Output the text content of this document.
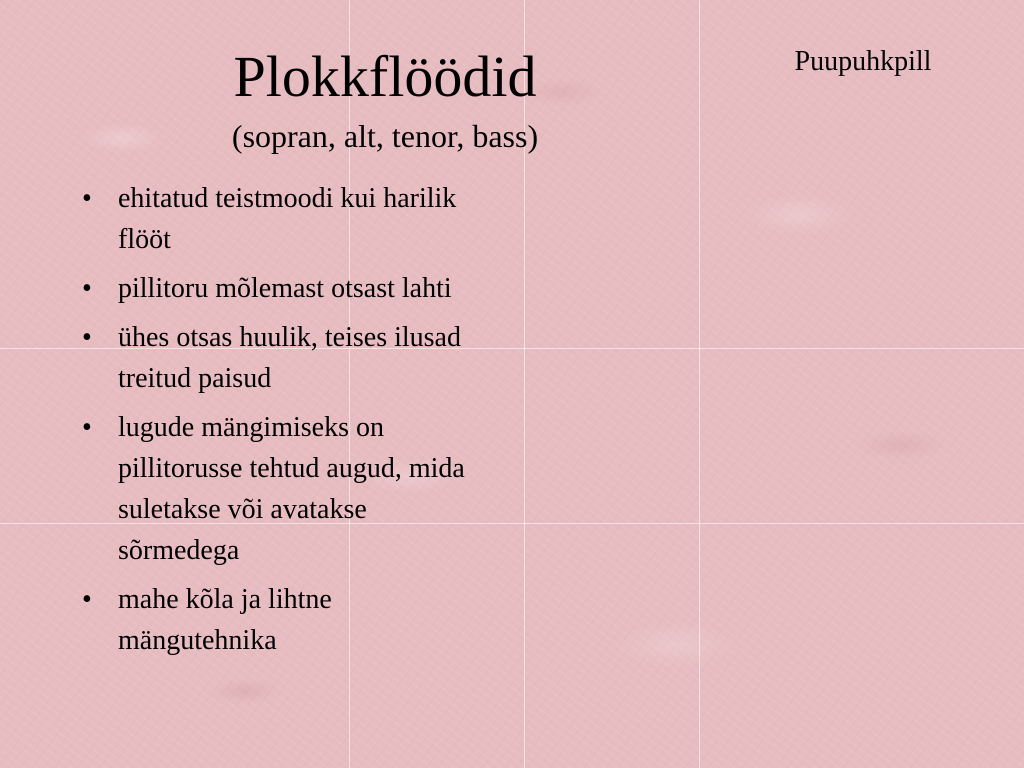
Plokkflöödid
(sopran, alt, tenor, bass)
Puupuhkpill
• ehitatud teistmoodi kui harilik flööt
• pillitoru mõlemast otsast lahti
• ühes otsas huulik, teises ilusad treitud paisud
• lugude mängimiseks on pillitorusse tehtud augud, mida suletakse või avatakse sõrmedega
• mahe kõla ja lihtne mängutehnika
